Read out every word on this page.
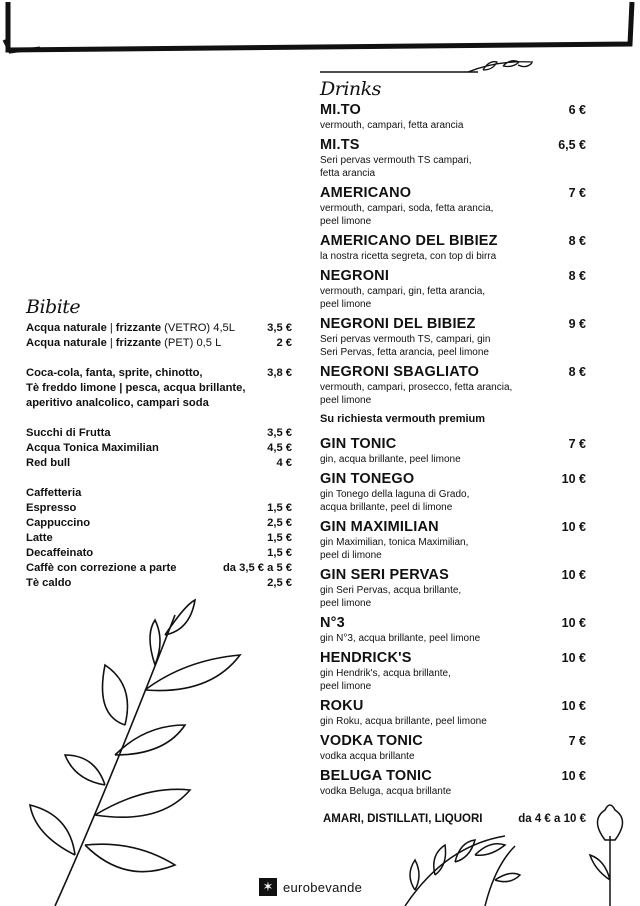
Bibite
Acqua naturale | frizzante (VETRO) 4,5L	3,5 €
Acqua naturale | frizzante (PET) 0,5 L	2 €
Coca-cola, fanta, sprite, chinotto,	3,8 €
Tè freddo limone | pesca, acqua brillante,
aperitivo analcolico, campari soda
Succhi di Frutta	3,5 €
Acqua Tonica Maximilian	4,5 €
Red bull	4 €
Caffetteria
Espresso	1,5 €
Cappuccino	2,5 €
Latte	1,5 €
Decaffeinato	1,5 €
Caffè con correzione a parte	da 3,5 € a 5 €
Tè caldo	2,5 €
Drinks
MI.TO	6 €
vermouth, campari, fetta arancia
MI.TS	6,5 €
Seri pervas vermouth TS campari,
fetta arancia
AMERICANO	7 €
vermouth, campari, soda, fetta arancia,
peel limone
AMERICANO DEL BIBIEZ	8 €
la nostra ricetta segreta, con top di birra
NEGRONI	8 €
vermouth, campari, gin, fetta arancia,
peel limone
NEGRONI DEL BIBIEZ	9 €
Seri pervas vermouth TS, campari, gin
Seri Pervas, fetta arancia, peel limone
NEGRONI SBAGLIATO	8 €
vermouth, campari, prosecco, fetta arancia,
peel limone
Su richiesta vermouth premium
GIN TONIC	7 €
gin, acqua brillante, peel limone
GIN TONEGO	10 €
gin Tonego della laguna di Grado,
acqua brillante, peel di limone
GIN MAXIMILIAN	10 €
gin Maximilian, tonica Maximilian,
peel di limone
GIN SERI PERVAS	10 €
gin Seri Pervas, acqua brillante,
peel limone
N°3	10 €
gin N°3, acqua brillante, peel limone
HENDRICK'S	10 €
gin Hendrik's, acqua brillante,
peel limone
ROKU	10 €
gin Roku, acqua brillante, peel limone
VODKA TONIC	7 €
vodka acqua brillante
BELUGA TONIC	10 €
vodka Beluga, acqua brillante
AMARI, DISTILLATI, LIQUORI	da 4 € a 10 €
✶ eurobevande
